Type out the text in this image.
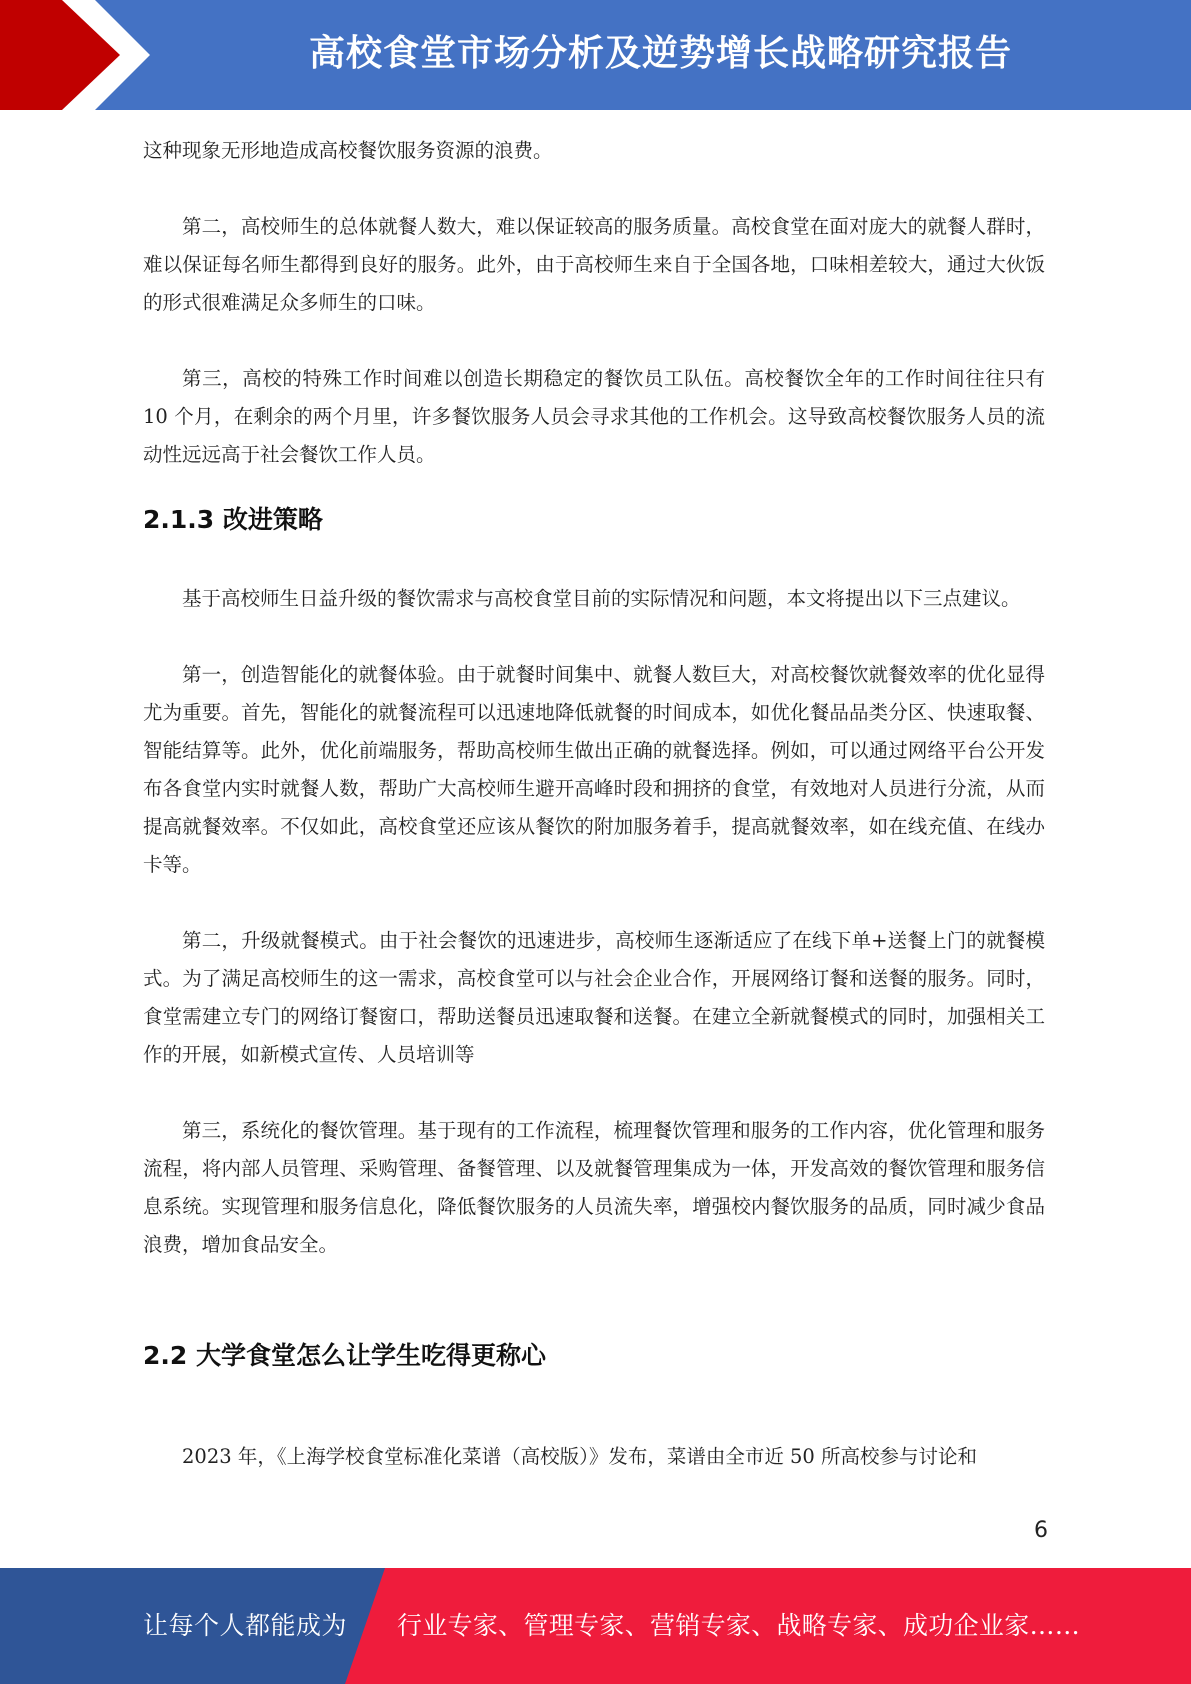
高校食堂市场分析及逆势增长战略研究报告

这种现象无形地造成高校餐饮服务资源的浪费。

第二，高校师生的总体就餐人数大，难以保证较高的服务质量。高校食堂在面对庞大的就餐人群时，难以保证每名师生都得到良好的服务。此外，由于高校师生来自于全国各地，口味相差较大，通过大伙饭的形式很难满足众多师生的口味。

第三，高校的特殊工作时间难以创造长期稳定的餐饮员工队伍。高校餐饮全年的工作时间往往只有 10 个月，在剩余的两个月里，许多餐饮服务人员会寻求其他的工作机会。这导致高校餐饮服务人员的流动性远远高于社会餐饮工作人员。

2.1.3 改进策略

基于高校师生日益升级的餐饮需求与高校食堂目前的实际情况和问题，本文将提出以下三点建议。

第一，创造智能化的就餐体验。由于就餐时间集中、就餐人数巨大，对高校餐饮就餐效率的优化显得尤为重要。首先，智能化的就餐流程可以迅速地降低就餐的时间成本，如优化餐品品类分区、快速取餐、智能结算等。此外，优化前端服务，帮助高校师生做出正确的就餐选择。例如，可以通过网络平台公开发布各食堂内实时就餐人数，帮助广大高校师生避开高峰时段和拥挤的食堂，有效地对人员进行分流，从而提高就餐效率。不仅如此，高校食堂还应该从餐饮的附加服务着手，提高就餐效率，如在线充值、在线办卡等。

第二，升级就餐模式。由于社会餐饮的迅速进步，高校师生逐渐适应了在线下单+送餐上门的就餐模式。为了满足高校师生的这一需求，高校食堂可以与社会企业合作，开展网络订餐和送餐的服务。同时，食堂需建立专门的网络订餐窗口，帮助送餐员迅速取餐和送餐。在建立全新就餐模式的同时，加强相关工作的开展，如新模式宣传、人员培训等

第三，系统化的餐饮管理。基于现有的工作流程，梳理餐饮管理和服务的工作内容，优化管理和服务流程，将内部人员管理、采购管理、备餐管理、以及就餐管理集成为一体，开发高效的餐饮管理和服务信息系统。实现管理和服务信息化，降低餐饮服务的人员流失率，增强校内餐饮服务的品质，同时减少食品浪费，增加食品安全。

2.2 大学食堂怎么让学生吃得更称心

2023 年，《上海学校食堂标准化菜谱（高校版）》发布，菜谱由全市近 50 所高校参与讨论和

6
让每个人都能成为 行业专家、管理专家、营销专家、战略专家、成功企业家……
